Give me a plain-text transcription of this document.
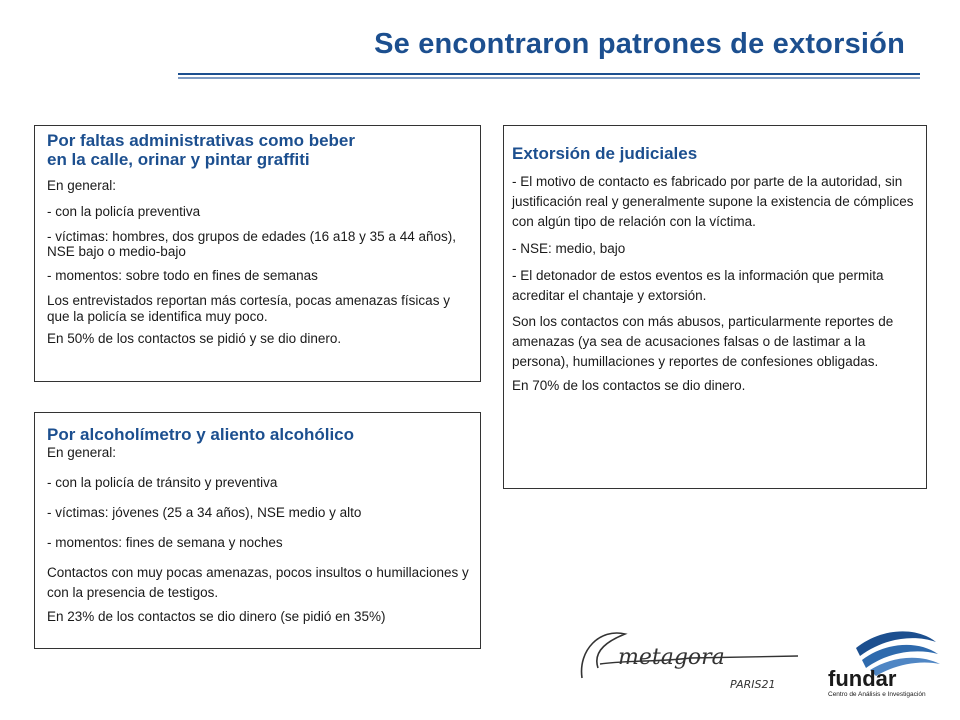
Se encontraron patrones de extorsión
Por faltas administrativas como beber
en la calle, orinar y pintar graffiti

En general:

- con la policía preventiva

- víctimas: hombres, dos grupos de edades (16 a18 y 35 a 44 años), NSE bajo o medio-bajo

- momentos: sobre todo en fines de semanas

Los entrevistados reportan más cortesía, pocas amenazas físicas y que la policía se identifica muy poco.

En 50% de los contactos se pidió y se dio dinero.

Por alcoholímetro y aliento alcohólico

En general:

- con la policía de tránsito y preventiva

- víctimas: jóvenes (25 a 34 años), NSE medio y alto

- momentos: fines de semana y noches

Contactos con muy pocas amenazas, pocos insultos o humillaciones y con la presencia de testigos.

En 23% de los contactos se dio dinero (se pidió en 35%)

Extorsión de judiciales

- El motivo de contacto es fabricado por parte de la autoridad, sin justificación real y generalmente supone la existencia de cómplices con algún tipo de relación con la víctima.

- NSE: medio, bajo

- El detonador de estos eventos es la información que permita acreditar el chantaje y extorsión.

Son los contactos con más abusos, particularmente reportes de amenazas (ya sea de acusaciones falsas o de lastimar a la persona), humillaciones y reportes de confesiones obligadas.

En 70% de los contactos se dio dinero.

metagora
PARIS21 fundar
Centro de Análisis e Investigación
